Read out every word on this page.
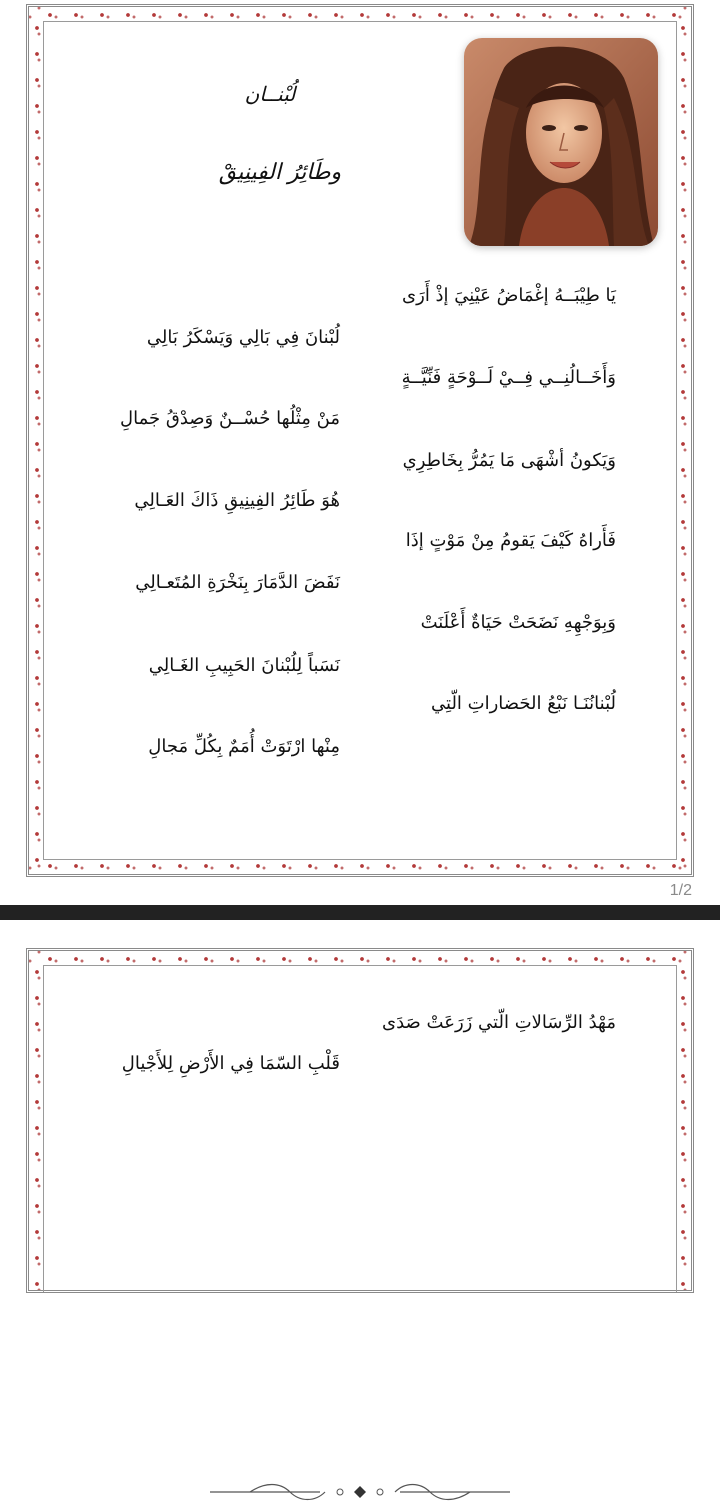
لُبْنــان
وطَائِرُ الفِينِيقْ
يَا طِيْبَــهُ إغْمَاضُ عَيْنِيَ إذْ أَرَى
وَأَخَــالُنِــي فِــيْ لَــوْحَةٍ فَنِّيَّــةٍ
وَيَكونُ أشْهَى مَا يَمُرُّ بِخَاطِرِي
فَأَراهُ كَيْفَ يَقومُ مِنْ مَوْتٍ إذَا
وَبِوَجْهِهِ نَضَحَتْ حَيَاةٌ أَعْلَنَتْ
لُبْنانُنَـا نَبْعُ الحَضاراتِ الّتِي
لُبْنانَ فِي بَالِي وَيَسْكَرُ بَالِي
مَنْ مِثْلُها حُسْــنٌ وَصِدْقُ جَمالِ
هُوَ طَائِرُ الفِينِيقِ ذَاكَ العَـالِي
نَفَضَ الدَّمَارَ بِنَخْرَةِ المُتَعـالِي
نَسَباً لِلُبْنانَ الحَبِيبِ الغَـالِي
مِنْها ارْتَوَتْ أُمَمٌ بِكُلِّ مَجالِ
1/2
مَهْدُ الرِّسَالاتِ الّتي زَرَعَتْ صَدَى
قَلْبِ السّمَا فِي الأَرْضِ لِلأَجْيالِ
